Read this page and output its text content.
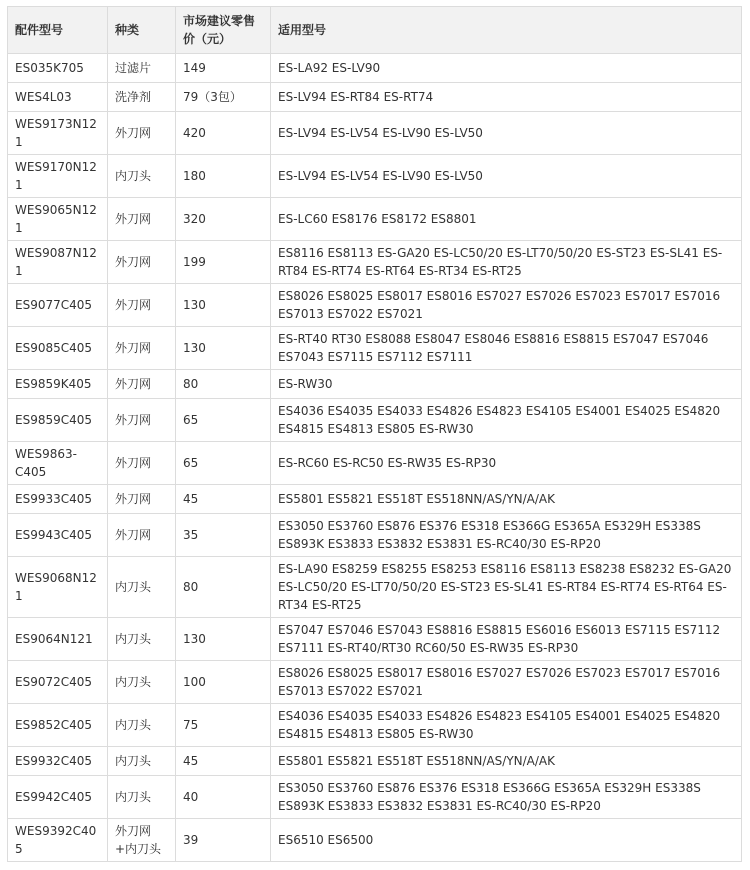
配件型号	种类	市场建议零售价（元）	适用型号
ES035K705	过滤片	149	ES-LA92 ES-LV90
WES4L03	洗净剂	79（3包）	ES-LV94 ES-RT84 ES-RT74
WES9173N121	外刀网	420	ES-LV94 ES-LV54 ES-LV90 ES-LV50
WES9170N121	内刀头	180	ES-LV94 ES-LV54 ES-LV90 ES-LV50
WES9065N121	外刀网	320	ES-LC60 ES8176 ES8172 ES8801
WES9087N121	外刀网	199	ES8116 ES8113 ES-GA20 ES-LC50/20 ES-LT70/50/20 ES-ST23 ES-SL41 ES-RT84 ES-RT74 ES-RT64 ES-RT34 ES-RT25
ES9077C405	外刀网	130	ES8026 ES8025 ES8017 ES8016 ES7027 ES7026 ES7023 ES7017 ES7016 ES7013 ES7022 ES7021
ES9085C405	外刀网	130	ES-RT40 RT30 ES8088 ES8047 ES8046 ES8816 ES8815 ES7047 ES7046 ES7043 ES7115 ES7112 ES7111
ES9859K405	外刀网	80	ES-RW30
ES9859C405	外刀网	65	ES4036 ES4035 ES4033 ES4826 ES4823 ES4105 ES4001 ES4025 ES4820 ES4815 ES4813 ES805 ES-RW30
WES9863-C405	外刀网	65	ES-RC60 ES-RC50 ES-RW35 ES-RP30
ES9933C405	外刀网	45	ES5801 ES5821 ES518T ES518NN/AS/YN/A/AK
ES9943C405	外刀网	35	ES3050 ES3760 ES876 ES376 ES318 ES366G ES365A ES329H ES338S ES893K ES3833 ES3832 ES3831 ES-RC40/30 ES-RP20
WES9068N121	内刀头	80	ES-LA90 ES8259 ES8255 ES8253 ES8116 ES8113 ES8238 ES8232 ES-GA20 ES-LC50/20 ES-LT70/50/20 ES-ST23 ES-SL41 ES-RT84 ES-RT74 ES-RT64 ES-RT34 ES-RT25
ES9064N121	内刀头	130	ES7047 ES7046 ES7043 ES8816 ES8815 ES6016 ES6013 ES7115 ES7112 ES7111 ES-RT40/RT30 RC60/50 ES-RW35 ES-RP30
ES9072C405	内刀头	100	ES8026 ES8025 ES8017 ES8016 ES7027 ES7026 ES7023 ES7017 ES7016 ES7013 ES7022 ES7021
ES9852C405	内刀头	75	ES4036 ES4035 ES4033 ES4826 ES4823 ES4105 ES4001 ES4025 ES4820 ES4815 ES4813 ES805 ES-RW30
ES9932C405	内刀头	45	ES5801 ES5821 ES518T ES518NN/AS/YN/A/AK
ES9942C405	内刀头	40	ES3050 ES3760 ES876 ES376 ES318 ES366G ES365A ES329H ES338S ES893K ES3833 ES3832 ES3831 ES-RC40/30 ES-RP20
WES9392C405	外刀网+内刀头	39	ES6510 ES6500
